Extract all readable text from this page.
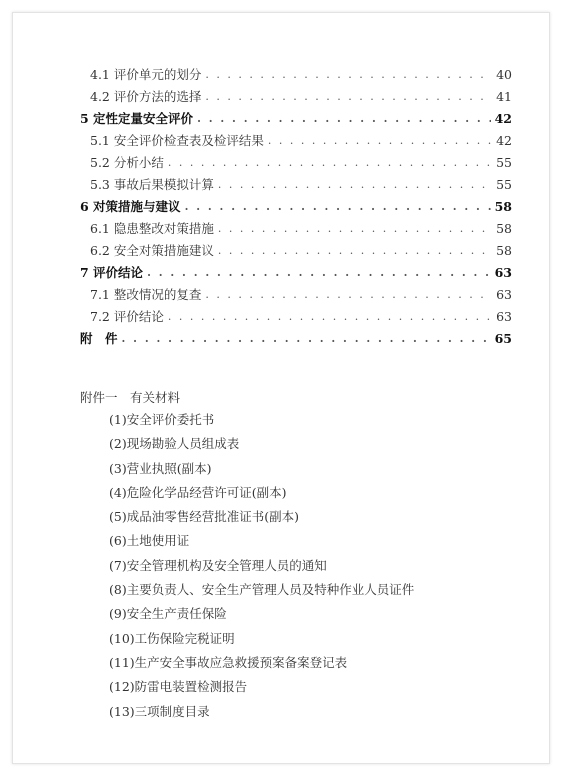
4.1 评价单元的划分 . . .	40
4.2 评价方法的选择 . . .	41
5 定性定量安全评价 . . .	42
5.1 安全评价检查表及检评结果 . . .	42
5.2 分析小结 . . .	55
5.3 事故后果模拟计算 . . .	55
6 对策措施与建议 . . .	58
6.1 隐患整改对策措施 . . .	58
6.2 安全对策措施建议 . . .	58
7 评价结论 . . .	63
7.1 整改情况的复查 . . .	63
7.2 评价结论 . . .	63
附　件 . . .	65
附件一　有关材料
(1)安全评价委托书
(2)现场勘验人员组成表
(3)营业执照(副本)
(4)危险化学品经营许可证(副本)
(5)成品油零售经营批准证书(副本)
(6)土地使用证
(7)安全管理机构及安全管理人员的通知
(8)主要负责人、安全生产管理人员及特种作业人员证件
(9)安全生产责任保险
(10)工伤保险完税证明
(11)生产安全事故应急救援预案备案登记表
(12)防雷电装置检测报告
(13)三项制度目录
